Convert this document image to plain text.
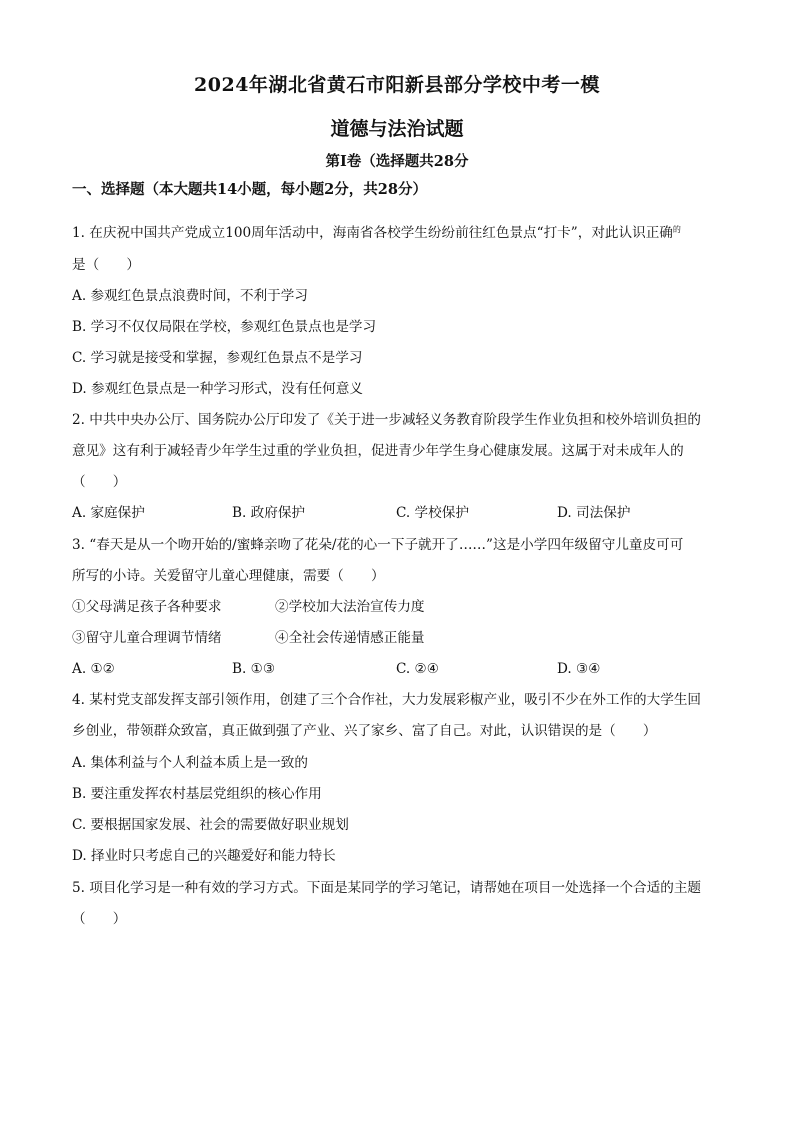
2024年湖北省黄石市阳新县部分学校中考一模
道德与法治试题
第Ⅰ卷（选择题共28分
一、选择题（本大题共14小题，每小题2分，共28分）
1. 在庆祝中国共产党成立100周年活动中，海南省各校学生纷纷前往红色景点“打卡”，对此认识正确$^的$
是（　　）
A. 参观红色景点浪费时间，不利于学习
B. 学习不仅仅局限在学校，参观红色景点也是学习
C. 学习就是接受和掌握，参观红色景点不是学习
D. 参观红色景点是一种学习形式，没有任何意义
2. 中共中央办公厅、国务院办公厅印发了《关于进一步减轻义务教育阶段学生作业负担和校外培训负担的
意见》这有利于减轻青少年学生过重的学业负担，促进青少年学生身心健康发展。这属于对未成年人的
（　　）
A. 家庭保护	B. 政府保护	C. 学校保护	D. 司法保护
3. “春天是从一个吻开始的/蜜蜂亲吻了花朵/花的心一下子就开了……”这是小学四年级留守儿童皮可可
所写的小诗。关爱留守儿童心理健康，需要（　　）
①父母满足孩子各种要求	②学校加大法治宣传力度
③留守儿童合理调节情绪	④全社会传递情感正能量
A. ①②	B. ①③	C. ②④	D. ③④
4. 某村党支部发挥支部引领作用，创建了三个合作社，大力发展彩椒产业，吸引不少在外工作的大学生回
乡创业，带领群众致富，真正做到强了产业、兴了家乡、富了自己。对此，认识错误的是（　　）
A. 集体利益与个人利益本质上是一致的
B. 要注重发挥农村基层党组织的核心作用
C. 要根据国家发展、社会的需要做好职业规划
D. 择业时只考虑自己的兴趣爱好和能力特长
5. 项目化学习是一种有效的学习方式。下面是某同学的学习笔记，请帮她在项目一处选择一个合适的主题
（　　）
